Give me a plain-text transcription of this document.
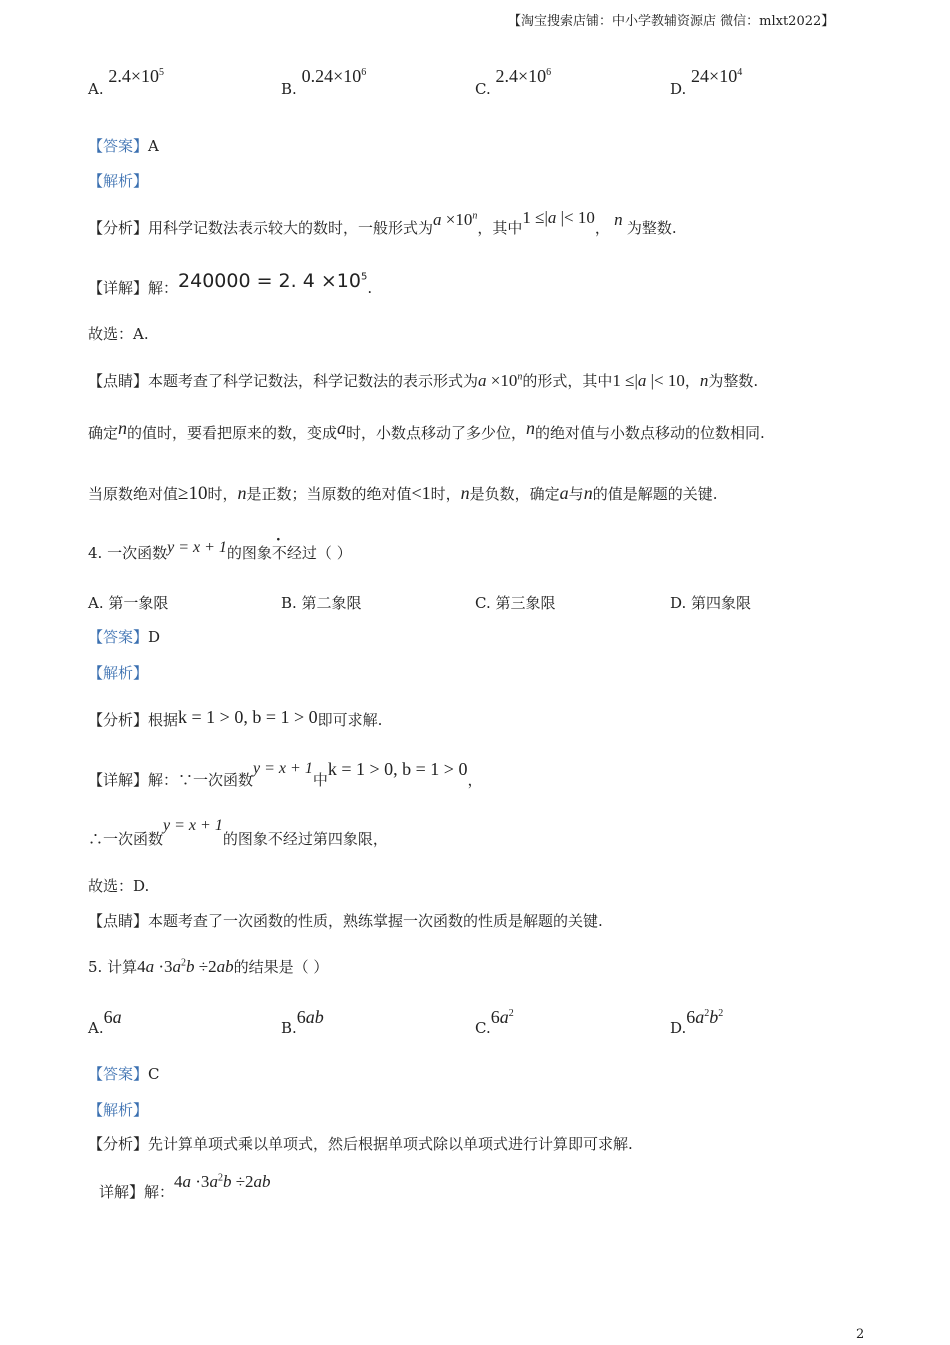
【淘宝搜索店铺：中小学教辅资源店 微信：mlxt2022】
A. $2.4\times 10^5$
B. $0.24\times 10^6$
C. $2.4\times 10^6$
D. $24\times 10^4$
【答案】A
【解析】
【分析】用科学记数法表示较大的数时，一般形式为$a \times 10^n$，其中1 ≤|a |< 10， n 为整数.
【详解】解：240000 = 2. $4 \times 10^5$.
故选：A.
【点睛】本题考查了科学记数法，科学记数法的表示形式为$a \times 10^n$的形式，其中1 ≤|a |< 10，n为整数.
确定n的值时，要看把原来的数，变成a时，小数点移动了多少位，n的绝对值与小数点移动的位数相同.
当原数绝对值≥10时，n是正数；当原数的绝对值<1时，n是负数，确定a与n的值是解题的关键.
4. 一次函数y = x + 1的图象不经过（ ）
A. 第一象限	B. 第二象限	C. 第三象限	D. 第四象限
【答案】D
【解析】
【分析】根据k = 1 > 0, b = 1 > 0即可求解.
【详解】解：∵一次函数y = x + 1中k = 1 > 0, b = 1 > 0，
∴一次函数y = x + 1的图象不经过第四象限，
故选：D.
【点睛】本题考查了一次函数的性质，熟练掌握一次函数的性质是解题的关键.
5. 计算$4a \cdot 3a^2b \div 2ab$的结果是（ ）
A.6a
B.6ab
$C.6a^2$
$D.6a^2b^2$
【答案】C
【解析】
【分析】先计算单项式乘以单项式，然后根据单项式除以单项式进行计算即可求解.
详解】解：$4a \cdot 3a^2b \div 2ab$
2
